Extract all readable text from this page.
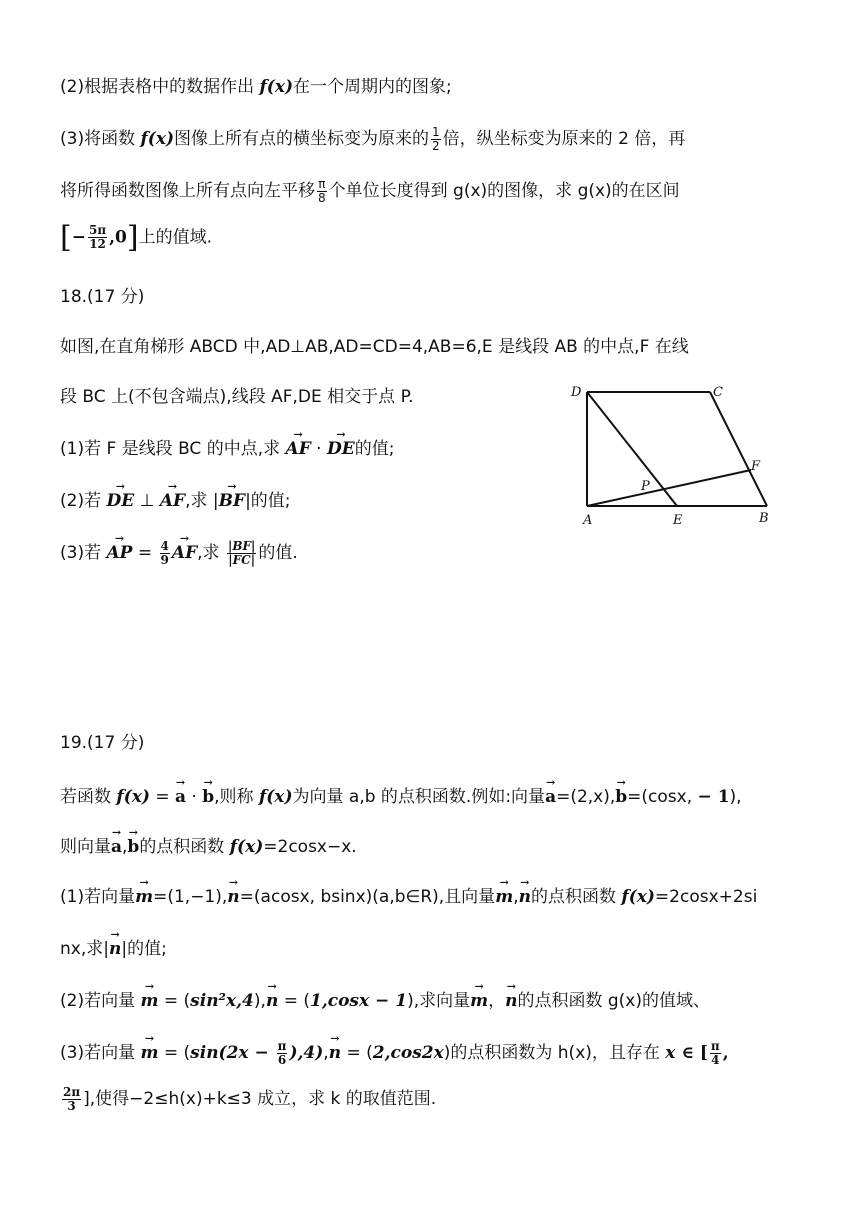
(2)根据表格中的数据作出 f(x)在一个周期内的图象;
(3)将函数 f(x)图像上所有点的横坐标变为原来的 $\frac{1}{2}$ 倍，纵坐标变为原来的 2 倍，再
将所得函数图像上所有点向左平移 $\frac{\pi}{8}$ 个单位长度得到 g(x)的图像，求 g(x)的在区间
[− $\frac{5\pi}{12} ,0$]上的值域.
18.(17 分)
如图,在直角梯形 ABCD 中,AD⊥AB,AD=CD=4,AB=6,E 是线段 AB 的中点,F 在线
段 BC 上(不包含端点),线段 AF,DE 相交于点 P.
(1)若 F 是线段 BC 的中点,求 → AF · → DE的值;
(2)若 → DE ⊥ → AF,求 |→ BF|的值;
(3)若 → AP = $\frac{4}{9}$
→ AF,求 $\frac{|BF|}{|FC|}$ 的值.
D	C
F
P
A	E	B
19.(17 分)
若函数 f(x) = → a · → b,则称 f(x)为向量 a,b 的点积函数.例如:向量→ a=(2,x),→ b=(cosx, − 1),
则向量→ a,→ b的点积函数 f(x)=2cosx−x.
(1)若向量→ m=(1,−1),→ n=(acosx, bsinx)(a,b∈R),且向量→ m,→ n的点积函数 f(x)=2cosx+2si
nx,求|→ n|的值;
(2)若向量 → m = (sin²x,4),→ n = (1,cosx − 1),求向量→ m，→ n的点积函数 g(x)的值域、
(3)若向量 → $m = (\sin(2x - \frac{\pi}{6} ),4),\to n = (2,\cos 2x)$的点积函数为 h(x)，且存在 x ∈ [ $\frac{\pi}{4}$ ,
$\frac{2\pi}{3}$ ],使得−2≤h(x)+k≤3 成立，求 k 的取值范围.
